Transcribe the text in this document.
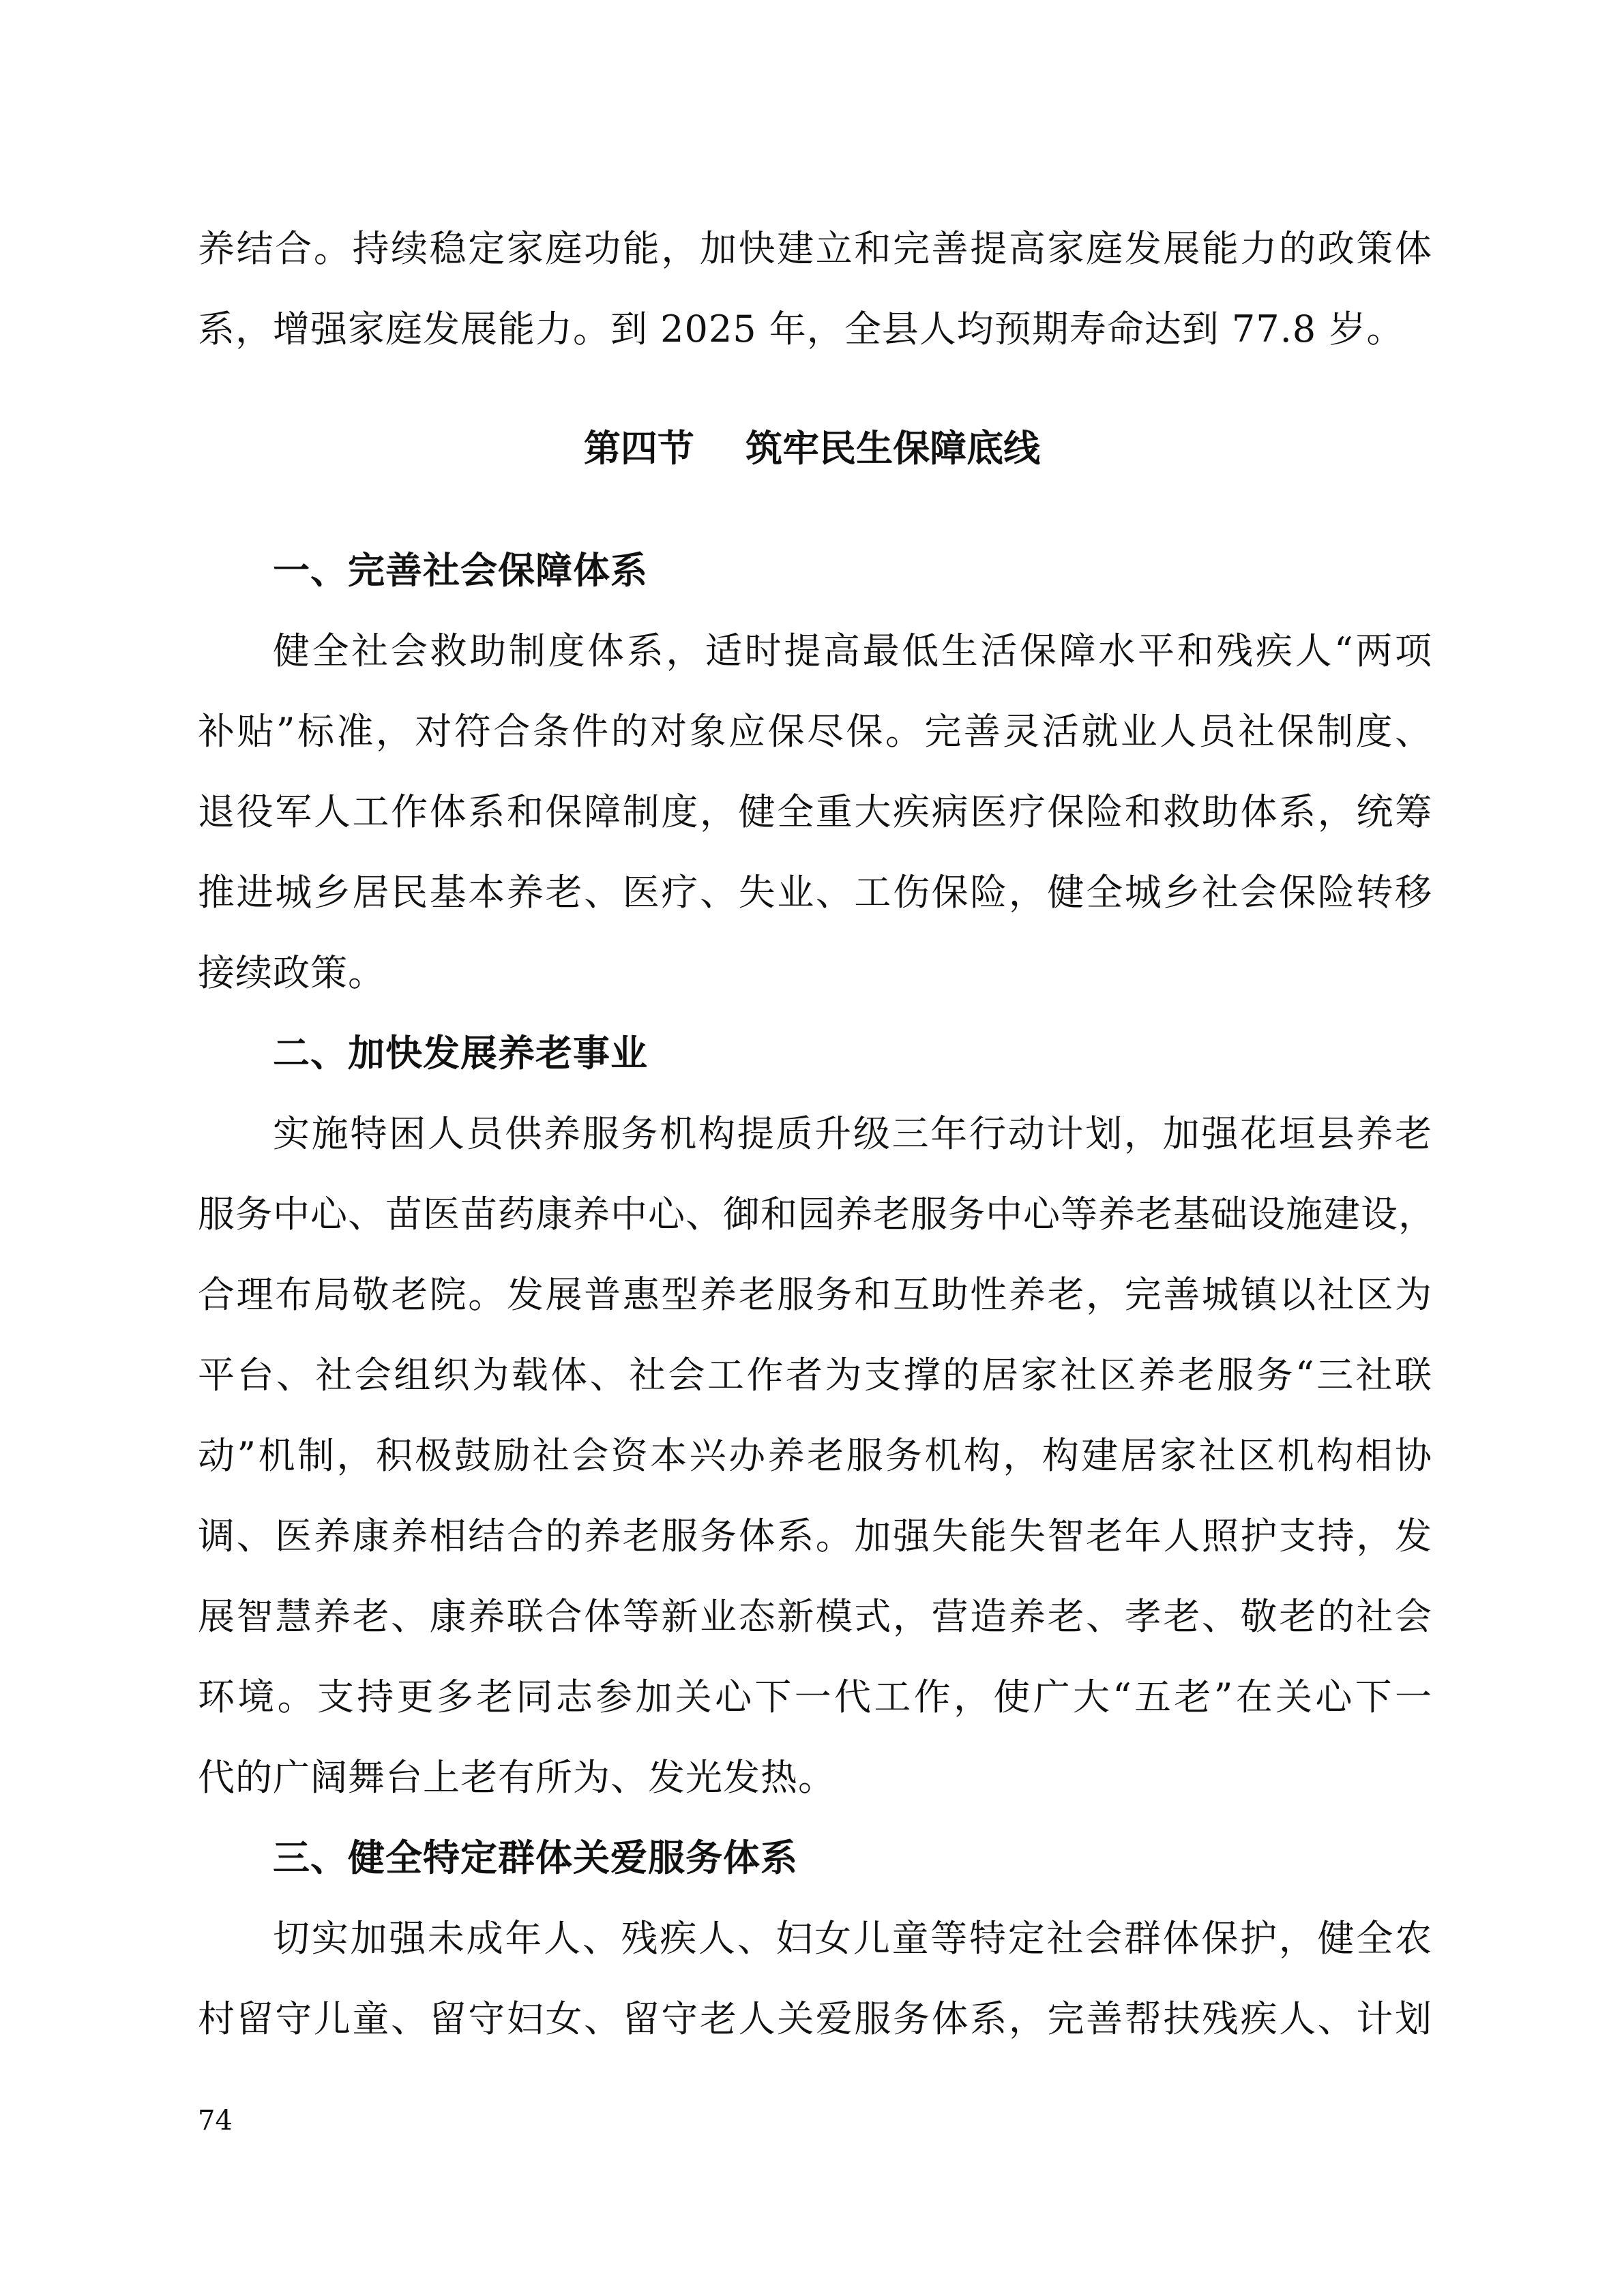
养结合。持续稳定家庭功能，加快建立和完善提高家庭发展能力的政策体
系，增强家庭发展能力。到 2025 年，全县人均预期寿命达到 77.8 岁。
第四节    筑牢民生保障底线
一、完善社会保障体系
健全社会救助制度体系，适时提高最低生活保障水平和残疾人“两项
补贴”标准，对符合条件的对象应保尽保。完善灵活就业人员社保制度、
退役军人工作体系和保障制度，健全重大疾病医疗保险和救助体系，统筹
推进城乡居民基本养老、医疗、失业、工伤保险，健全城乡社会保险转移
接续政策。
二、加快发展养老事业
实施特困人员供养服务机构提质升级三年行动计划，加强花垣县养老
服务中心、苗医苗药康养中心、御和园养老服务中心等养老基础设施建设，
合理布局敬老院。发展普惠型养老服务和互助性养老，完善城镇以社区为
平台、社会组织为载体、社会工作者为支撑的居家社区养老服务“三社联
动”机制，积极鼓励社会资本兴办养老服务机构，构建居家社区机构相协
调、医养康养相结合的养老服务体系。加强失能失智老年人照护支持，发
展智慧养老、康养联合体等新业态新模式，营造养老、孝老、敬老的社会
环境。支持更多老同志参加关心下一代工作，使广大“五老”在关心下一
代的广阔舞台上老有所为、发光发热。
三、健全特定群体关爱服务体系
切实加强未成年人、残疾人、妇女儿童等特定社会群体保护，健全农
村留守儿童、留守妇女、留守老人关爱服务体系，完善帮扶残疾人、计划
74
